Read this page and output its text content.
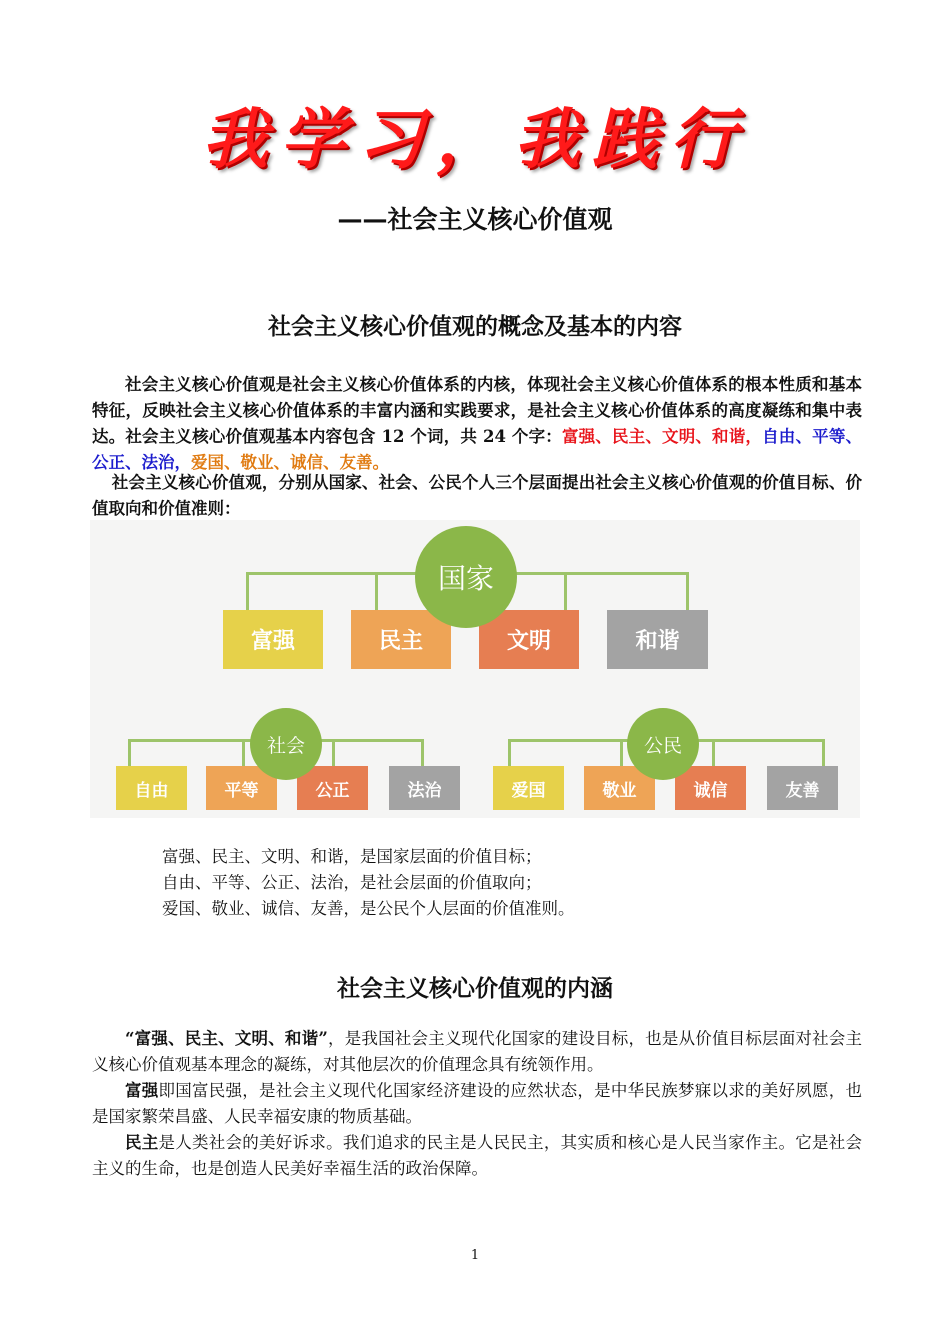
我学习，我践行
——社会主义核心价值观
社会主义核心价值观的概念及基本的内容
社会主义核心价值观是社会主义核心价值体系的内核，体现社会主义核心价值体系的根本性质和基本特征，反映社会主义核心价值体系的丰富内涵和实践要求，是社会主义核心价值体系的高度凝练和集中表达。社会主义核心价值观基本内容包含 12 个词，共 24 个字：富强、民主、文明、和谐，自由、平等、公正、法治，爱国、敬业、诚信、友善。
社会主义核心价值观，分别从国家、社会、公民个人三个层面提出社会主义核心价值观的价值目标、价值取向和价值准则：
富强	民主	文明	和谐
国家
自由	平等	公正	法治
社会
爱国	敬业	诚信	友善
公民
富强、民主、文明、和谐，是国家层面的价值目标；
自由、平等、公正、法治，是社会层面的价值取向；
爱国、敬业、诚信、友善，是公民个人层面的价值准则。
社会主义核心价值观的内涵
“富强、民主、文明、和谐”，是我国社会主义现代化国家的建设目标，也是从价值目标层面对社会主义核心价值观基本理念的凝练，对其他层次的价值理念具有统领作用。
富强即国富民强，是社会主义现代化国家经济建设的应然状态，是中华民族梦寐以求的美好夙愿，也是国家繁荣昌盛、人民幸福安康的物质基础。
民主是人类社会的美好诉求。我们追求的民主是人民民主，其实质和核心是人民当家作主。它是社会主义的生命，也是创造人民美好幸福生活的政治保障。
1
